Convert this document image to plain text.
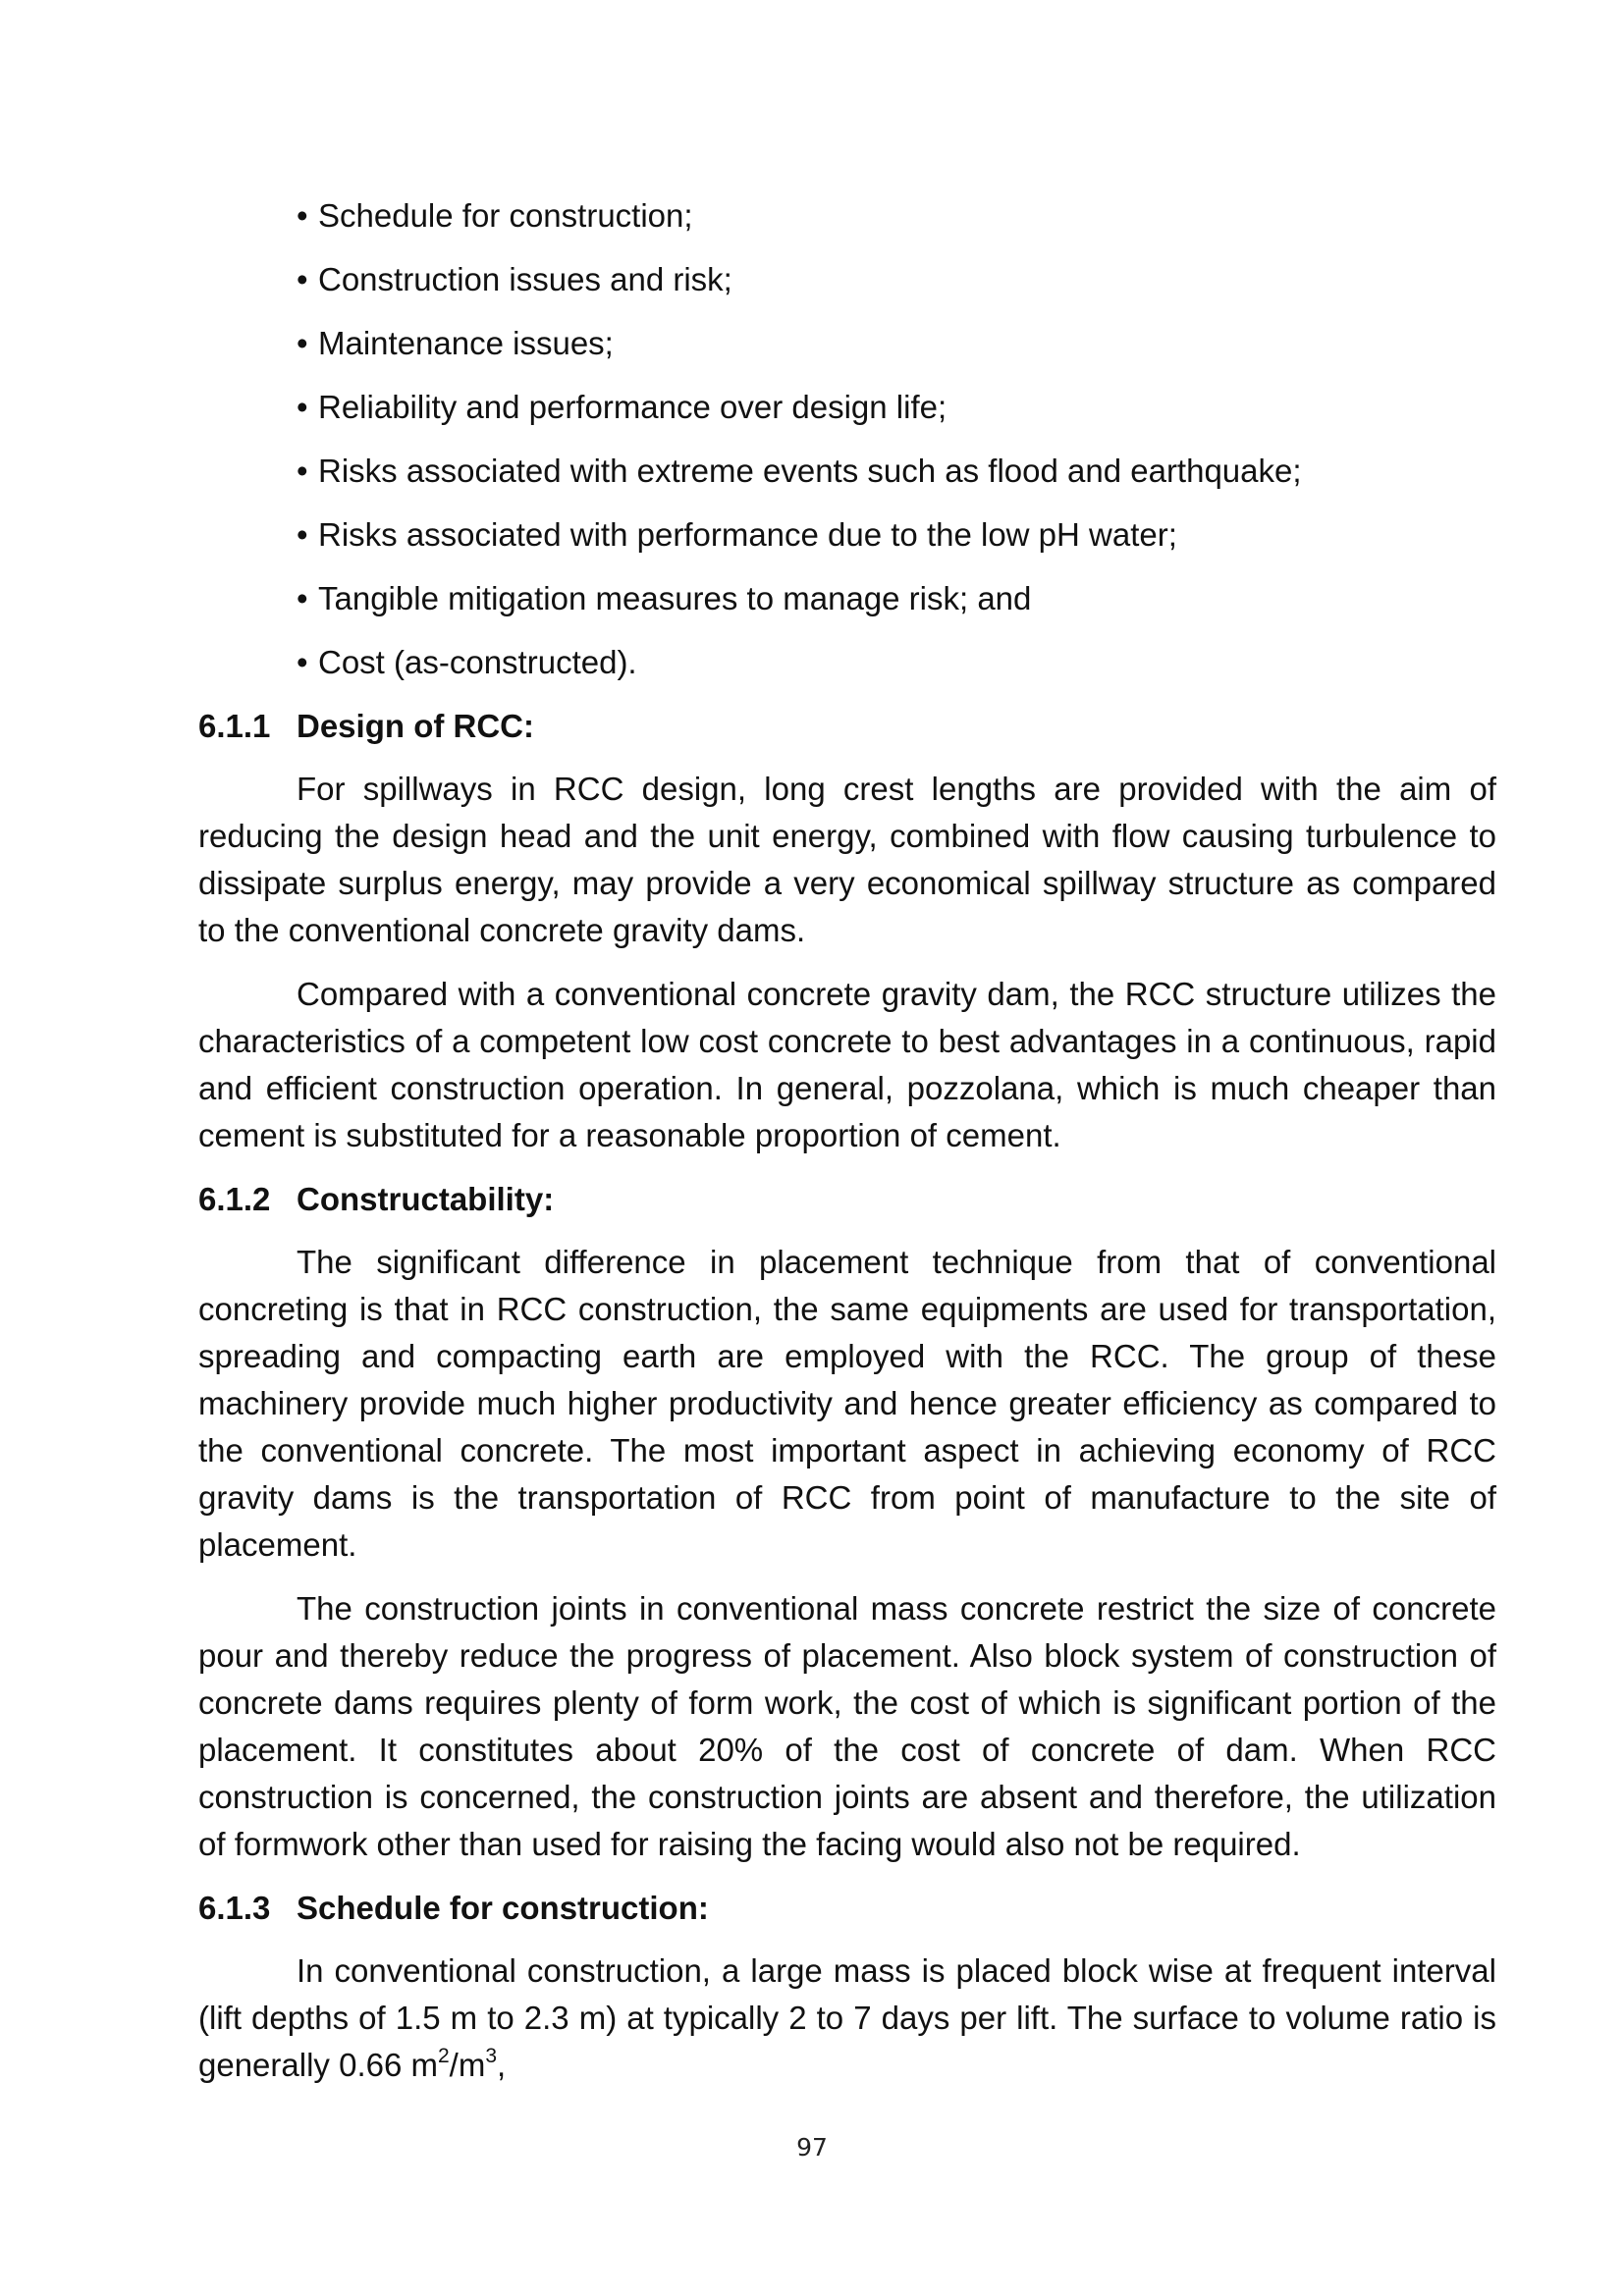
• Schedule for construction;
• Construction issues and risk;
• Maintenance issues;
• Reliability and performance over design life;
• Risks associated with extreme events such as flood and earthquake;
• Risks associated with performance due to the low pH water;
• Tangible mitigation measures to manage risk; and
• Cost (as-constructed).
6.1.1 Design of RCC:

For spillways in RCC design, long crest lengths are provided with the aim of reducing the design head and the unit energy, combined with flow causing turbulence to dissipate surplus energy, may provide a very economical spillway structure as compared to the conventional concrete gravity dams.

Compared with a conventional concrete gravity dam, the RCC structure utilizes the characteristics of a competent low cost concrete to best advantages in a continuous, rapid and efficient construction operation. In general, pozzolana, which is much cheaper than cement is substituted for a reasonable proportion of cement.

6.1.2 Constructability:

The significant difference in placement technique from that of conventional concreting is that in RCC construction, the same equipments are used for transportation, spreading and compacting earth are employed with the RCC. The group of these machinery provide much higher productivity and hence greater efficiency as compared to the conventional concrete. The most important aspect in achieving economy of RCC gravity dams is the transportation of RCC from point of manufacture to the site of placement.

The construction joints in conventional mass concrete restrict the size of concrete pour and thereby reduce the progress of placement. Also block system of construction of concrete dams requires plenty of form work, the cost of which is significant portion of the placement. It constitutes about 20% of the cost of concrete of dam. When RCC construction is concerned, the construction joints are absent and therefore, the utilization of formwork other than used for raising the facing would also not be required.

6.1.3 Schedule for construction:

In conventional construction, a large mass is placed block wise at frequent interval (lift depths of 1.5 m to 2.3 m) at typically 2 to 7 days per lift. The surface to volume ratio is generally 0.66 $m^2/m^3$,

97
